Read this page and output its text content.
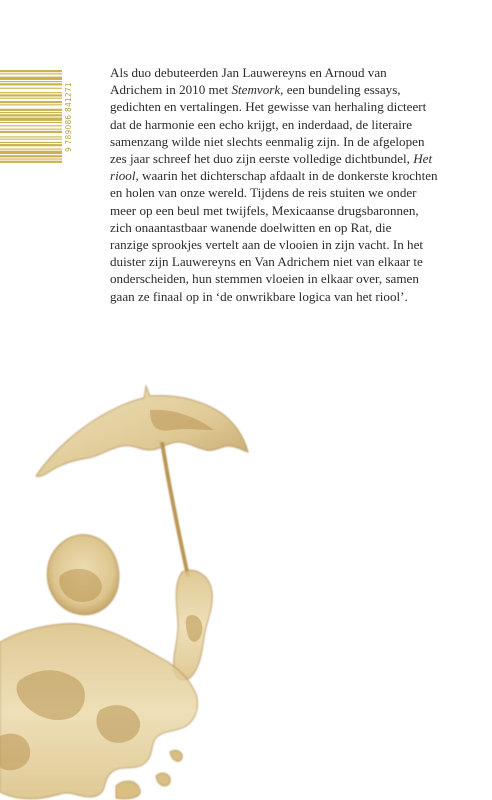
9 789086 841271

Als duo debuteerden Jan Lauwereyns en Arnoud van
Adrichem in 2010 met Stemvork, een bundeling essays,
gedichten en vertalingen. Het gewisse van herhaling dicteert
dat de harmonie een echo krijgt, en inderdaad, de literaire
samenzang wilde niet slechts eenmalig zijn. In de afgelopen
zes jaar schreef het duo zijn eerste volledige dichtbundel, Het
riool, waarin het dichterschap afdaalt in de donkerste krochten
en holen van onze wereld. Tijdens de reis stuiten we onder
meer op een beul met twijfels, Mexicaanse drugsbaronnen,
zich onaantastbaar wanende doelwitten en op Rat, die
ranzige sprookjes vertelt aan de vlooien in zijn vacht. In het
duister zijn Lauwereyns en Van Adrichem niet van elkaar te
onderscheiden, hun stemmen vloeien in elkaar over, samen
gaan ze finaal op in ‘de onwrikbare logica van het riool’.
